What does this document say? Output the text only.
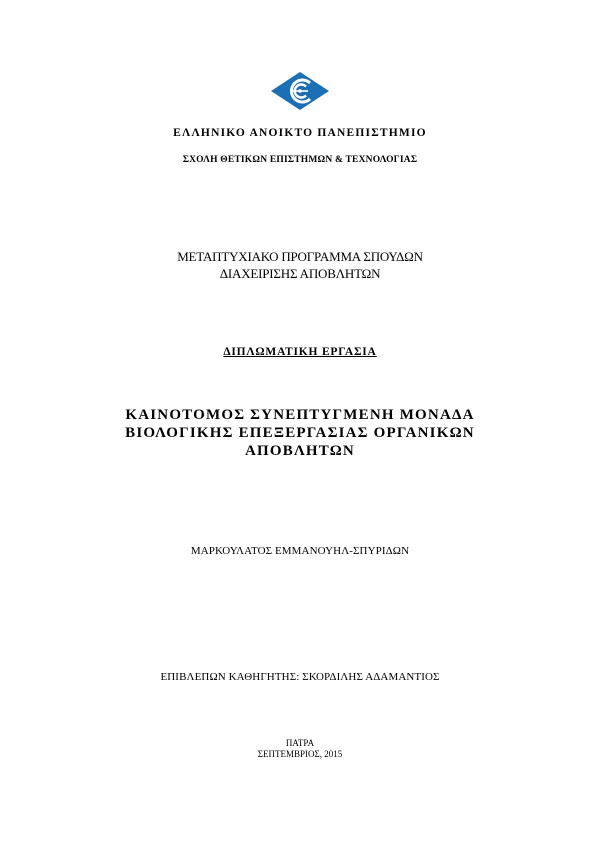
ΕΛΛΗΝΙΚΟ ΑΝΟΙΚΤΟ ΠΑΝΕΠΙΣΤΗΜΙΟ
ΣΧΟΛΗ ΘΕΤΙΚΩΝ ΕΠΙΣΤΗΜΩΝ & ΤΕΧΝΟΛΟΓΙΑΣ
ΜΕΤΑΠΤΥΧΙΑΚΟ ΠΡΟΓΡΑΜΜΑ ΣΠΟΥΔΩΝ
ΔΙΑΧΕΙΡΙΣΗΣ ΑΠΟΒΛΗΤΩΝ
ΔΙΠΛΩΜΑΤΙΚΗ ΕΡΓΑΣΙΑ
ΚΑΙΝΟΤΟΜΟΣ ΣΥΝΕΠΤΥΓΜΕΝΗ ΜΟΝΑΔΑ
ΒΙΟΛΟΓΙΚΗΣ ΕΠΕΞΕΡΓΑΣΙΑΣ ΟΡΓΑΝΙΚΩΝ
ΑΠΟΒΛΗΤΩΝ
ΜΑΡΚΟΥΛΑΤΟΣ ΕΜΜΑΝΟΥΗΛ-ΣΠΥΡΙΔΩΝ
ΕΠΙΒΛΕΠΩΝ ΚΑΘΗΓΗΤΗΣ: ΣΚΟΡΔΙΛΗΣ ΑΔΑΜΑΝΤΙΟΣ
ΠΑΤΡΑ
ΣΕΠΤΕΜΒΡΙΟΣ, 2015
